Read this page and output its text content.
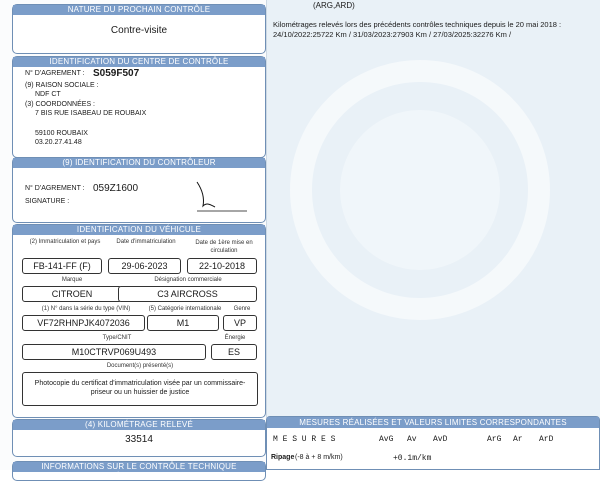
(ARG,ARD)
Kilométrages relevés lors des précédents contrôles techniques depuis le 20 mai 2018 :
24/10/2022:25722 Km / 31/03/2023:27903 Km / 27/03/2025:32276 Km /
NATURE DU PROCHAIN CONTRÔLE
Contre-visite
IDENTIFICATION DU CENTRE DE CONTRÔLE
N° D'AGREMENT : S059F507
(9) RAISON SOCIALE :
NDF CT
(3) COORDONNÉES :
7 BIS RUE ISABEAU DE ROUBAIX
59100 ROUBAIX
03.20.27.41.48
(9) IDENTIFICATION DU CONTRÔLEUR
N° D'AGREMENT : 059Z1600
SIGNATURE :
IDENTIFICATION DU VÉHICULE
(2) Immatriculation et pays	Date d'immatriculation	Date de 1ère mise en circulation
FB-141-FF (F)	29-06-2023	22-10-2018
Marque	Désignation commerciale
CITROEN	C3 AIRCROSS
(1) N° dans la série du type (VIN)	(5) Catégorie internationale	Genre
VF72RHNPJK4072036	M1	VP
Type/CNIT	Énergie
M10CTRVP069U493	ES
Document(s) présenté(s)
Photocopie du certificat d'immatriculation visée par un commissaire-priseur ou un huissier de justice
(4) KILOMÉTRAGE RELEVÉ
33514
INFORMATIONS SUR LE CONTRÔLE TECHNIQUE DÉFAVORABLE
MESURES RÉALISÉES ET VALEURS LIMITES CORRESPONDANTES
M E S U R E S	AvG Av AvD	ArG Ar ArD
Ripage (-8 à + 8 m/km)	+0.1m/km
